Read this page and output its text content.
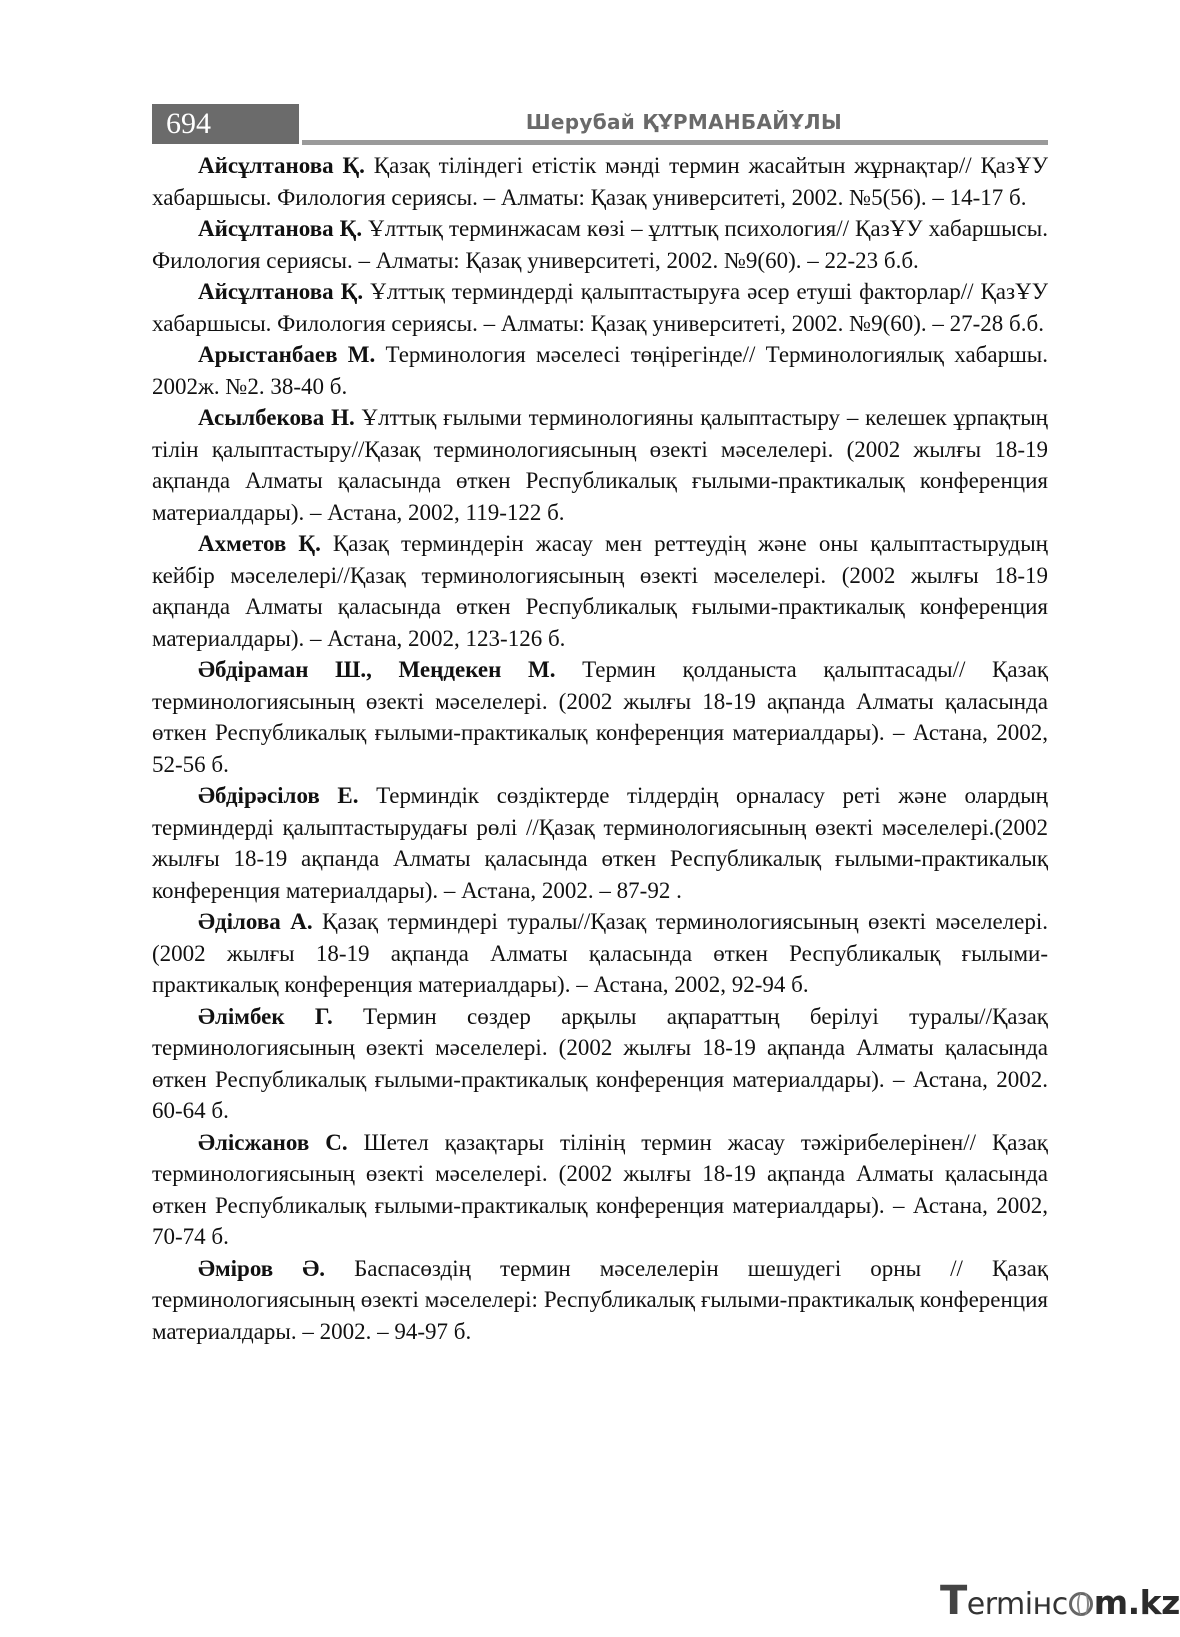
694	Шерубай ҚҰРМАНБАЙҰЛЫ

Айсұлтанова Қ. Қазақ тіліндегі етістік мәнді термин жасайтын жұрнақтар// ҚазҰУ хабаршысы. Филология сериясы. – Алматы: Қазақ университеті, 2002. №5(56). – 14-17 б.

Айсұлтанова Қ. Ұлттық терминжасам көзі – ұлттық психология// ҚазҰУ хабаршысы. Филология сериясы. – Алматы: Қазақ университеті, 2002. №9(60). – 22-23 б.б.

Айсұлтанова Қ. Ұлттық терминдерді қалыптастыруға әсер етуші факторлар// ҚазҰУ хабаршысы. Филология сериясы. – Алматы: Қазақ университеті, 2002. №9(60). – 27-28 б.б.

Арыстанбаев М. Терминология мәселесі төңірегінде// Терминологиялық хабаршы. 2002ж. №2. 38-40 б.

Асылбекова Н. Ұлттық ғылыми терминологияны қалыптастыру – келешек ұрпақтың тілін қалыптастыру//Қазақ терминологиясының өзекті мәселелері. (2002 жылғы 18-19 ақпанда Алматы қаласында өткен Республикалық ғылыми-практикалық конференция материалдары). – Астана, 2002, 119-122 б.

Ахметов Қ. Қазақ терминдерін жасау мен реттеудің және оны қалыптастырудың кейбір мәселелері//Қазақ терминологиясының өзекті мәселелері. (2002 жылғы 18-19 ақпанда Алматы қаласында өткен Республикалық ғылыми-практикалық конференция материалдары). – Астана, 2002, 123-126 б.

Әбдіраман Ш., Меңдекен М. Термин қолданыста қалыптасады// Қазақ терминологиясының өзекті мәселелері. (2002 жылғы 18-19 ақпанда Алматы қаласында өткен Республикалық ғылыми-практикалық конференция материалдары). – Астана, 2002, 52-56 б.

Әбдірәсілов Е. Терминдік сөздіктерде тілдердің орналасу реті және олардың терминдерді қалыптастырудағы рөлі //Қазақ терминологиясының өзекті мәселелері.(2002 жылғы 18-19 ақпанда Алматы қаласында өткен Республикалық ғылыми-практикалық конференция материалдары). – Астана, 2002. – 87-92 .

Әділова А. Қазақ терминдері туралы//Қазақ терминологиясының өзекті мәселелері. (2002 жылғы 18-19 ақпанда Алматы қаласында өткен Республикалық ғылыми-практикалық конференция материалдары). – Астана, 2002, 92-94 б.

Әлімбек Г. Термин сөздер арқылы ақпараттың берілуі туралы//Қазақ терминологиясының өзекті мәселелері. (2002 жылғы 18-19 ақпанда Алматы қаласында өткен Республикалық ғылыми-практикалық конференция материалдары). – Астана, 2002. 60-64 б.

Әлісжанов С. Шетел қазақтары тілінің термин жасау тәжірибелерінен// Қазақ терминологиясының өзекті мәселелері. (2002 жылғы 18-19 ақпанда Алматы қаласында өткен Республикалық ғылыми-практикалық конференция материалдары). – Астана, 2002, 70-74 б.

Әміров Ә. Баспасөздің термин мәселелерін шешудегі орны // Қазақ терминологиясының өзекті мәселелері: Республикалық ғылыми-практикалық конференция материалдары. – 2002. – 94-97 б.

Termінc m.kz
